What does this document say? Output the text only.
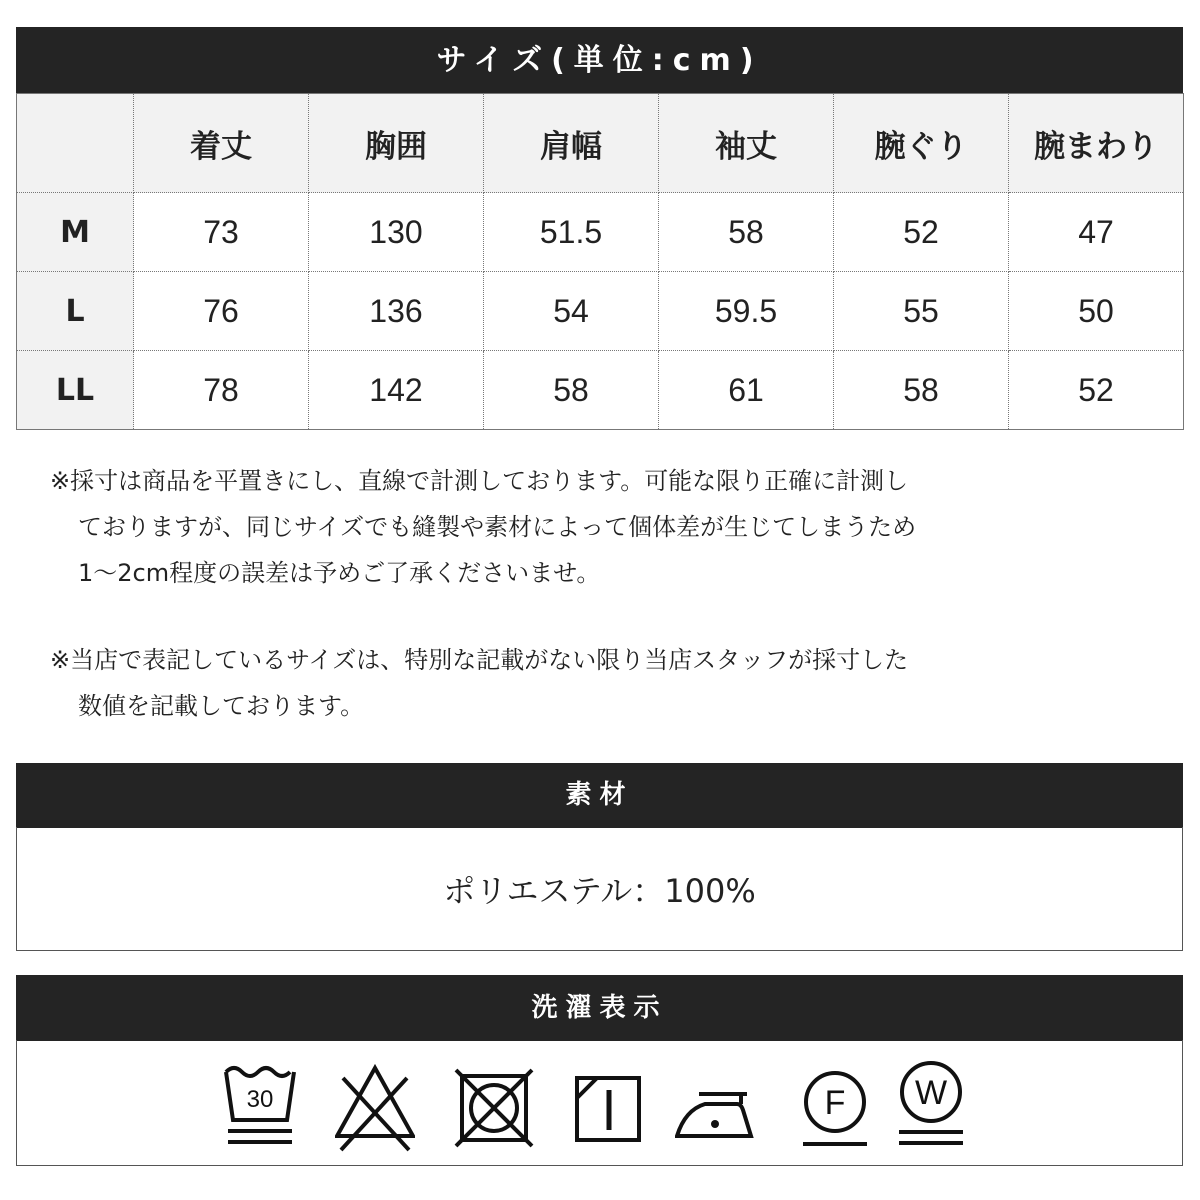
サイズ(単位:cm)
	着丈	胸囲	肩幅	袖丈	腕ぐり	腕まわり
M	73	130	51.5	58	52	47
L	76	136	54	59.5	55	50
LL	78	142	58	61	58	52

※採寸は商品を平置きにし、直線で計測しております。可能な限り正確に計測し

ておりますが、同じサイズでも縫製や素材によって個体差が生じてしまうため

1～2cm程度の誤差は予めご了承くださいませ。

※当店で表記しているサイズは、特別な記載がない限り当店スタッフが採寸した

数値を記載しております。

素材
ポリエステル：100%
洗濯表示
30	F W
